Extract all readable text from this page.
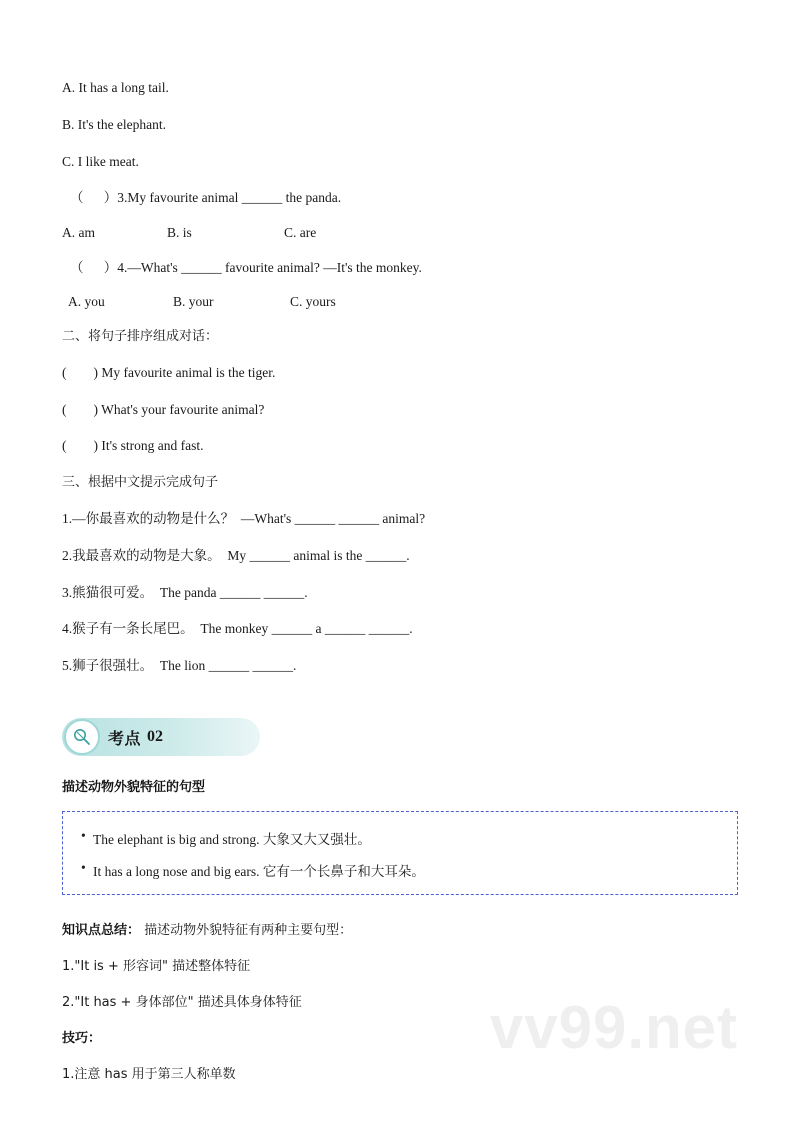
A. It has a long tail.

B. It's the elephant.

C. I like meat.

（      ）3.My favourite animal ______ the panda.

A. am	B. is	C. are

（      ）4.—What's ______ favourite animal? —It's the monkey.

A. you	B. your	C. yours

二、将句子排序组成对话：

(        ) My favourite animal is the tiger.

(        ) What's your favourite animal?

(        ) It's strong and fast.

三、根据中文提示完成句子

1.—你最喜欢的动物是什么？  —What's ______ ______ animal?

2.我最喜欢的动物是大象。  My ______ animal is the ______.

3.熊猫很可爱。  The panda ______ ______.

4.猴子有一条长尾巴。  The monkey ______ a ______ ______.

5.狮子很强壮。  The lion ______ ______.

考点 02

描述动物外貌特征的句型

• The elephant is big and strong. 大象又大又强壮。

• It has a long nose and big ears. 它有一个长鼻子和大耳朵。

知识点总结： 描述动物外貌特征有两种主要句型：

1."It is + 形容词" 描述整体特征

2."It has + 身体部位" 描述具体身体特征

技巧：

1.注意 has 用于第三人称单数

vv99.net
